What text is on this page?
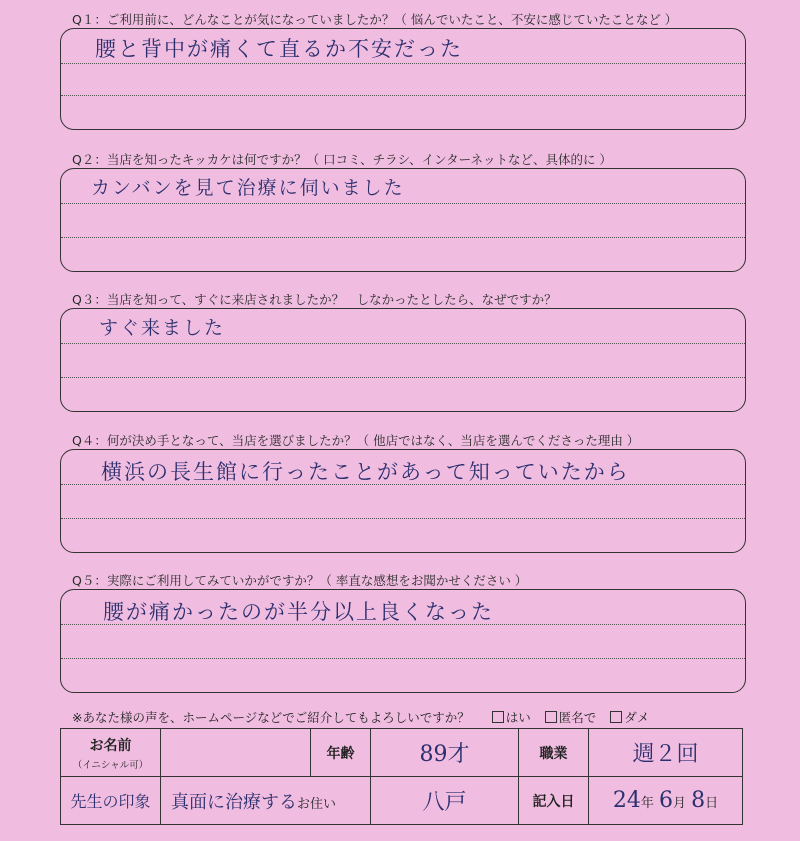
Q１：ご利用前に、どんなことが気になっていましたか？（ 悩んでいたこと、不安に感じていたことなど ）
腰と背中が痛くて直るか不安だった
Q２：当店を知ったキッカケは何ですか？（ 口コミ、チラシ、インターネットなど、具体的に ）
カンバンを見て治療に伺いました
Q３：当店を知って、すぐに来店されましたか？　しなかったとしたら、なぜですか？
すぐ来ました
Q４：何が決め手となって、当店を選びましたか？（ 他店ではなく、当店を選んでくださった理由 ）
横浜の長生館に行ったことがあって知っていたから
Q５：実際にご利用してみていかがですか？（ 率直な感想をお聞かせください ）
腰が痛かったのが半分以上良くなった
※あなた様の声を、ホームページなどでご紹介してもよろしいですか？	はい 匿名で ダメ
お名前
（イニシャル可）		年齢	89才	職業	週２回
先生の印象	真面に治療するお住い		八戸	記入日	24年 6月 8日
